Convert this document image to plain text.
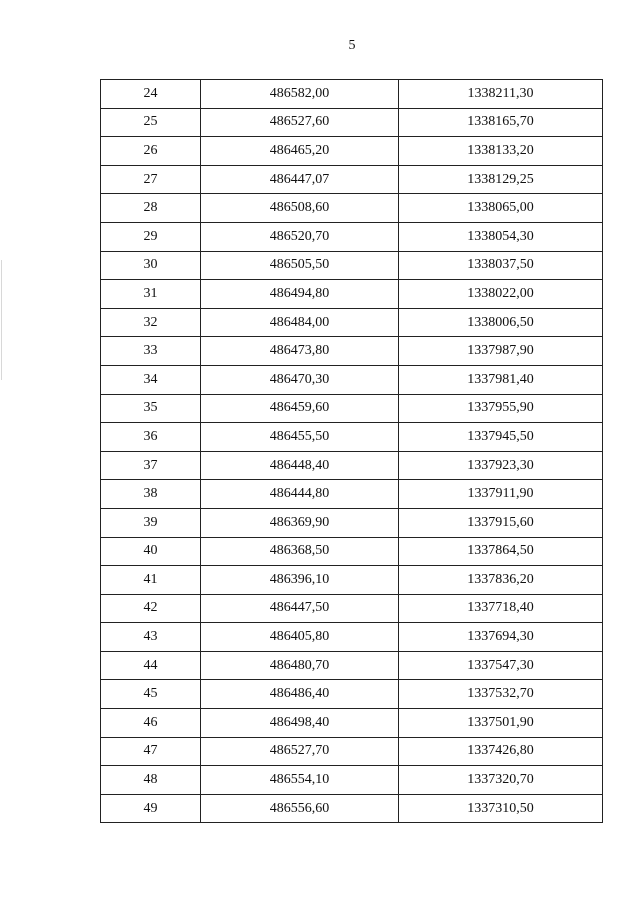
5
24	486582,00	1338211,30
25	486527,60	1338165,70
26	486465,20	1338133,20
27	486447,07	1338129,25
28	486508,60	1338065,00
29	486520,70	1338054,30
30	486505,50	1338037,50
31	486494,80	1338022,00
32	486484,00	1338006,50
33	486473,80	1337987,90
34	486470,30	1337981,40
35	486459,60	1337955,90
36	486455,50	1337945,50
37	486448,40	1337923,30
38	486444,80	1337911,90
39	486369,90	1337915,60
40	486368,50	1337864,50
41	486396,10	1337836,20
42	486447,50	1337718,40
43	486405,80	1337694,30
44	486480,70	1337547,30
45	486486,40	1337532,70
46	486498,40	1337501,90
47	486527,70	1337426,80
48	486554,10	1337320,70
49	486556,60	1337310,50
